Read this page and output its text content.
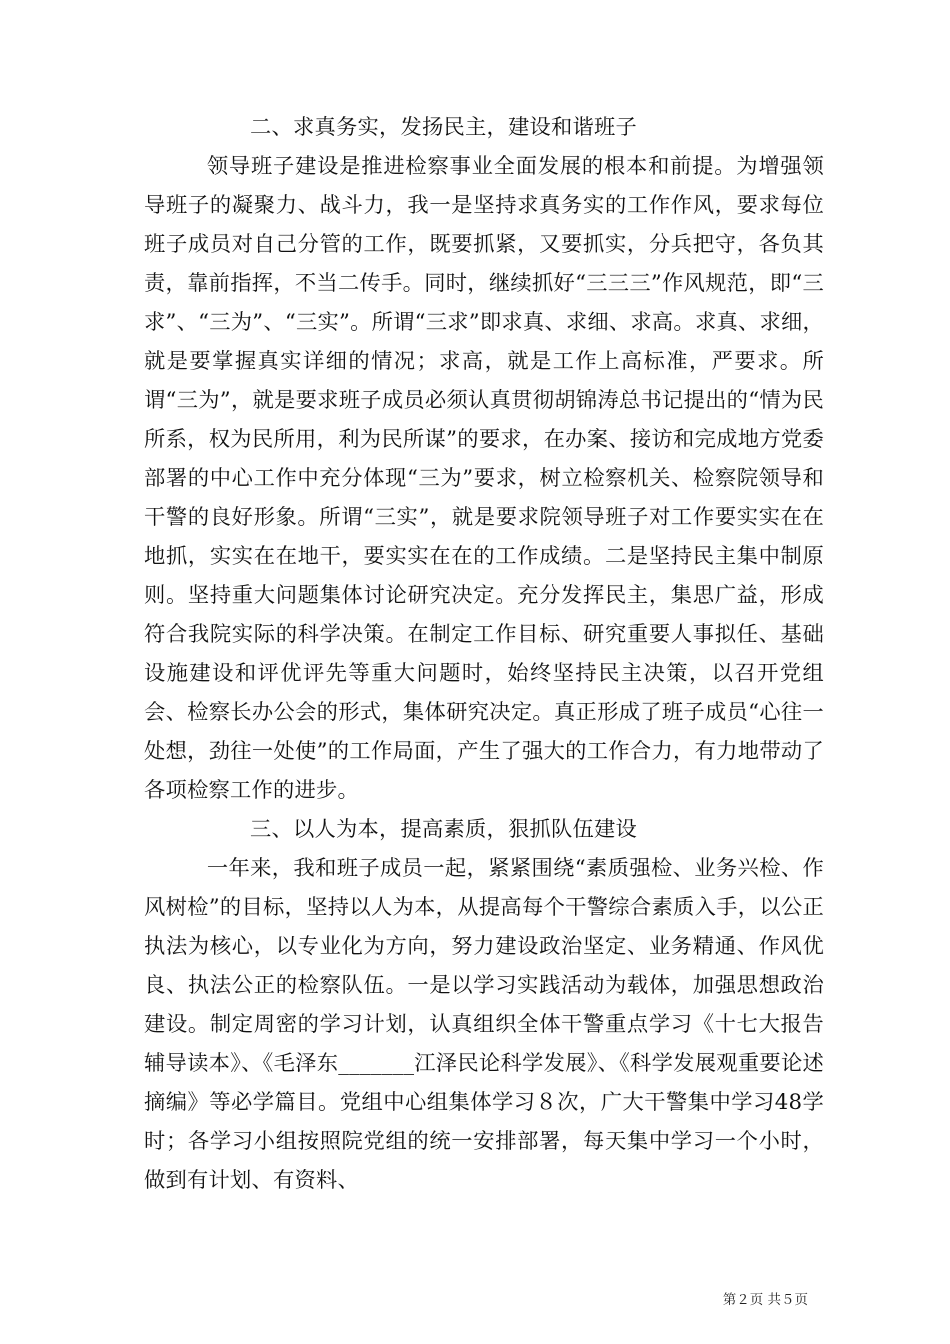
二、求真务实，发扬民主，建设和谐班子

领导班子建设是推进检察事业全面发展的根本和前提。为增强领导班子的凝聚力、战斗力，我一是坚持求真务实的工作作风，要求每位班子成员对自己分管的工作，既要抓紧，又要抓实，分兵把守，各负其责，靠前指挥，不当二传手。同时，继续抓好“三三三”作风规范，即“三求”、“三为”、“三实”。所谓“三求”即求真、求细、求高。求真、求细，就是要掌握真实详细的情况；求高，就是工作上高标准，严要求。所谓“三为”，就是要求班子成员必须认真贯彻胡锦涛总书记提出的“情为民所系，权为民所用，利为民所谋”的要求，在办案、接访和完成地方党委部署的中心工作中充分体现“三为”要求，树立检察机关、检察院领导和干警的良好形象。所谓“三实”，就是要求院领导班子对工作要实实在在地抓，实实在在地干，要实实在在的工作成绩。二是坚持民主集中制原则。坚持重大问题集体讨论研究决定。充分发挥民主，集思广益，形成符合我院实际的科学决策。在制定工作目标、研究重要人事拟任、基础设施建设和评优评先等重大问题时，始终坚持民主决策，以召开党组会、检察长办公会的形式，集体研究决定。真正形成了班子成员“心往一处想，劲往一处使”的工作局面，产生了强大的工作合力，有力地带动了各项检察工作的进步。

三、以人为本，提高素质，狠抓队伍建设

一年来，我和班子成员一起，紧紧围绕“素质强检、业务兴检、作风树检”的目标，坚持以人为本，从提高每个干警综合素质入手，以公正执法为核心，以专业化为方向，努力建设政治坚定、业务精通、作风优良、执法公正的检察队伍。一是以学习实践活动为载体，加强思想政治建设。制定周密的学习计划，认真组织全体干警重点学习《十七大报告辅导读本》、《毛泽东_______江泽民论科学发展》、《科学发展观重要论述摘编》等必学篇目。党组中心组集体学习８次，广大干警集中学习48学时；各学习小组按照院党组的统一安排部署，每天集中学习一个小时，做到有计划、有资料、

第２页 共５页
